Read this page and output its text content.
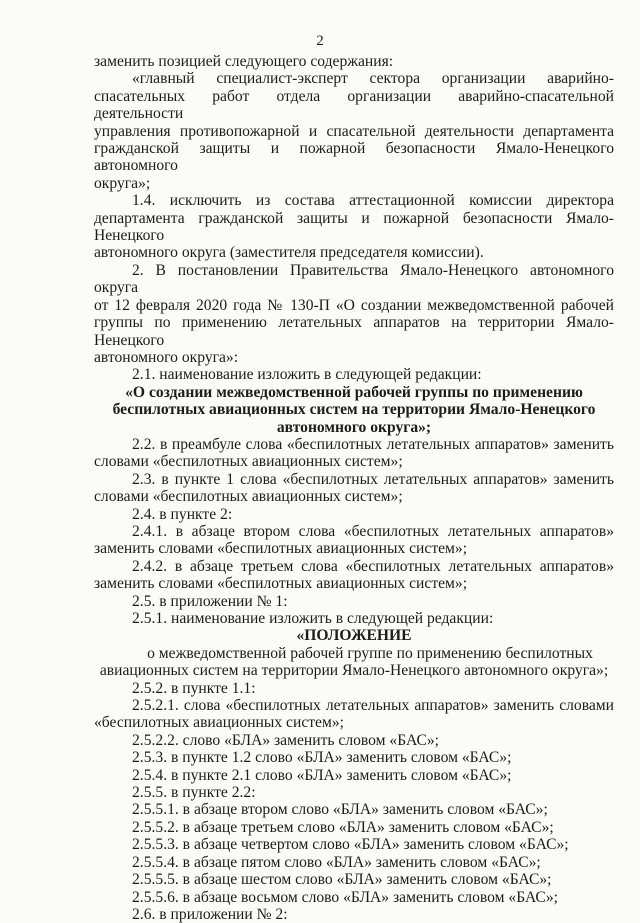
2

заменить позицией следующего содержания:

«главный специалист-эксперт сектора организации аварийно-

спасательных работ отдела организации аварийно-спасательной деятельности

управления противопожарной и спасательной деятельности департамента

гражданской защиты и пожарной безопасности Ямало-Ненецкого автономного

округа»;

1.4. исключить из состава аттестационной комиссии директора

департамента гражданской защиты и пожарной безопасности Ямало-Ненецкого

автономного округа (заместителя председателя комиссии).

2. В постановлении Правительства Ямало-Ненецкого автономного округа

от 12 февраля 2020 года № 130-П «О создании межведомственной рабочей

группы по применению летательных аппаратов на территории Ямало-Ненецкого

автономного округа»:

2.1. наименование изложить в следующей редакции:

«О создании межведомственной рабочей группы по применению

беспилотных авиационных систем на территории Ямало-Ненецкого

автономного округа»;

2.2. в преамбуле слова «беспилотных летательных аппаратов» заменить

словами «беспилотных авиационных систем»;

2.3. в пункте 1 слова «беспилотных летательных аппаратов» заменить

словами «беспилотных авиационных систем»;

2.4. в пункте 2:

2.4.1. в абзаце втором слова «беспилотных летательных аппаратов»

заменить словами «беспилотных авиационных систем»;

2.4.2. в абзаце третьем слова «беспилотных летательных аппаратов»

заменить словами «беспилотных авиационных систем»;

2.5. в приложении № 1:

2.5.1. наименование изложить в следующей редакции:

«ПОЛОЖЕНИЕ

о межведомственной рабочей группе по применению беспилотных

авиационных систем на территории Ямало-Ненецкого автономного округа»;

2.5.2. в пункте 1.1:

2.5.2.1. слова «беспилотных летательных аппаратов» заменить словами

«беспилотных авиационных систем»;

2.5.2.2. слово «БЛА» заменить словом «БАС»;

2.5.3. в пункте 1.2 слово «БЛА» заменить словом «БАС»;

2.5.4. в пункте 2.1 слово «БЛА» заменить словом «БАС»;

2.5.5. в пункте 2.2:

2.5.5.1. в абзаце втором слово «БЛА» заменить словом «БАС»;

2.5.5.2. в абзаце третьем слово «БЛА» заменить словом «БАС»;

2.5.5.3. в абзаце четвертом слово «БЛА» заменить словом «БАС»;

2.5.5.4. в абзаце пятом слово «БЛА» заменить словом «БАС»;

2.5.5.5. в абзаце шестом слово «БЛА» заменить словом «БАС»;

2.5.5.6. в абзаце восьмом слово «БЛА» заменить словом «БАС»;

2.6. в приложении № 2:
